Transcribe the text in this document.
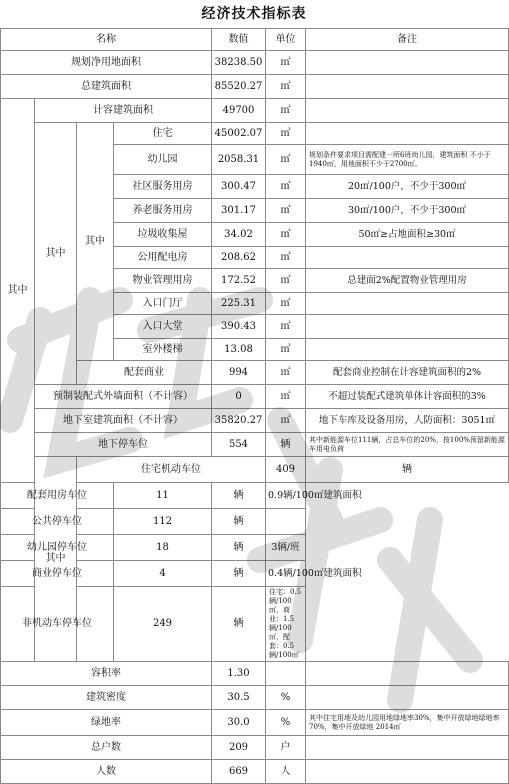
经济技术指标表
名称				数值	单位	备注	
规划净用地面积				38238.50	㎡		
总建筑面积				85520.27	㎡		
其中	计容建筑面积			49700	㎡		
	其中	其中	住宅	45002.07	㎡		
			幼儿园	2058.31	㎡	规划条件要求项目需配建一所6班幼儿园，建筑面积 不小于1940㎡，用地面积不少于2700㎡。	
			社区服务用房	300.47	㎡	20㎡/100户，不少于300㎡	
			养老服务用房	301.17	㎡	30㎡/100户，不少于300㎡	
			垃圾收集屋	34.02	㎡	50㎡≥占地面积≥30㎡	
			公用配电房	208.62	㎡		
			物业管理用房	172.52	㎡	总建面2%配置物业管理用房	
			入口门厅	225.31	㎡		
			入口大堂	390.43	㎡		
			室外楼梯	13.08	㎡		
		配套商业		994	㎡	配套商业控制在计容建筑面积的2%	
	预制装配式外墙面积（不计容）			0	㎡	不超过装配式建筑单体计容面积的3%	
	地下室建筑面积（不计容）			35820.27	㎡	地下车库及设备用房，人防面积：3051㎡	
	地下停车位			554	辆	其中新能源车位111辆，占总车位的20%，按100%预留新能源车用电负荷	
	其中	住宅机动车位			409	辆	
配套用房车位			11	辆	0.9辆/100㎡建筑面积		
公共停车位			112	辆			
幼儿园停车位			18	辆	3辆/班		
商业停车位			4	辆	0.4辆/100㎡建筑面积		
非机动车停车位			249	辆	住宅：0.5辆/100㎡，商业：1.5辆/100㎡，配套：0.5辆/100㎡		
容积率				1.30			
建筑密度				30.5	%		
绿地率				30.0	%	其中住宅用地及幼儿园用地绿地率30%，集中开放绿地绿地率70%，集中开放绿地 2014㎡	
总户数				209	户		
人数				669	人		
